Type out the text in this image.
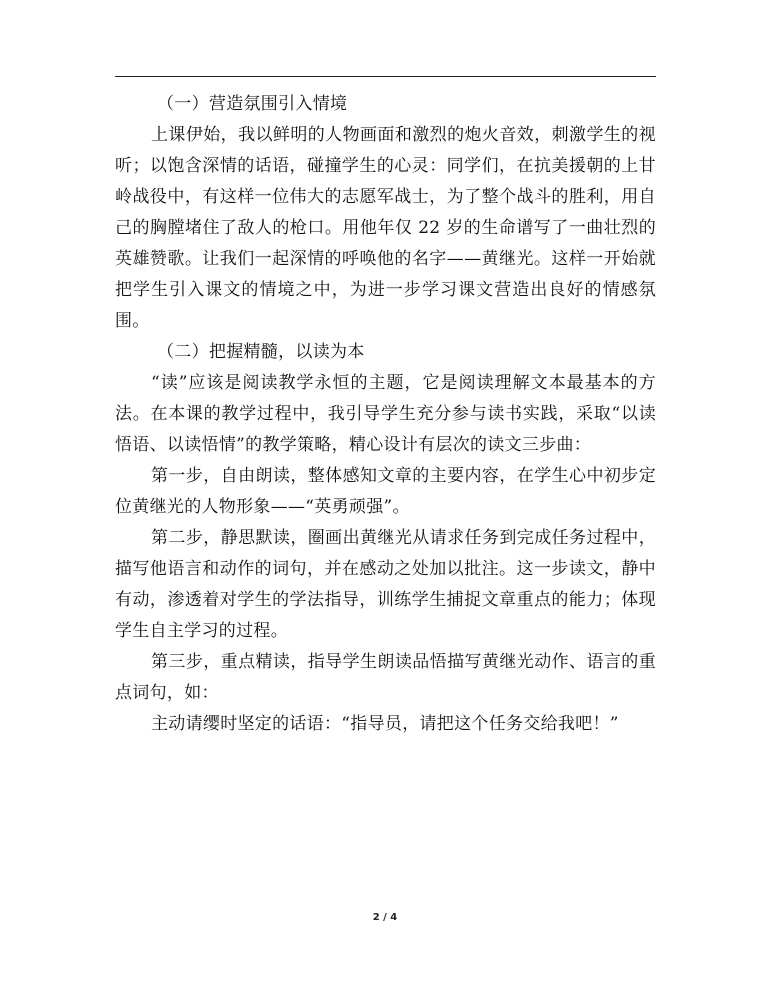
（一）营造氛围引入情境

上课伊始，我以鲜明的人物画面和激烈的炮火音效，刺激学生的视听；以饱含深情的话语，碰撞学生的心灵：同学们，在抗美援朝的上甘岭战役中，有这样一位伟大的志愿军战士，为了整个战斗的胜利，用自己的胸膛堵住了敌人的枪口。用他年仅 22 岁的生命谱写了一曲壮烈的英雄赞歌。让我们一起深情的呼唤他的名字——黄继光。这样一开始就把学生引入课文的情境之中，为进一步学习课文营造出良好的情感氛围。

（二）把握精髓，以读为本

“读”应该是阅读教学永恒的主题，它是阅读理解文本最基本的方法。在本课的教学过程中，我引导学生充分参与读书实践，采取“以读悟语、以读悟情”的教学策略，精心设计有层次的读文三步曲：

第一步，自由朗读，整体感知文章的主要内容，在学生心中初步定位黄继光的人物形象——“英勇顽强”。

第二步，静思默读，圈画出黄继光从请求任务到完成任务过程中，描写他语言和动作的词句，并在感动之处加以批注。这一步读文，静中有动，渗透着对学生的学法指导，训练学生捕捉文章重点的能力；体现学生自主学习的过程。

第三步，重点精读，指导学生朗读品悟描写黄继光动作、语言的重点词句，如：

主动请缨时坚定的话语：“指导员，请把这个任务交给我吧！”

2 / 4
